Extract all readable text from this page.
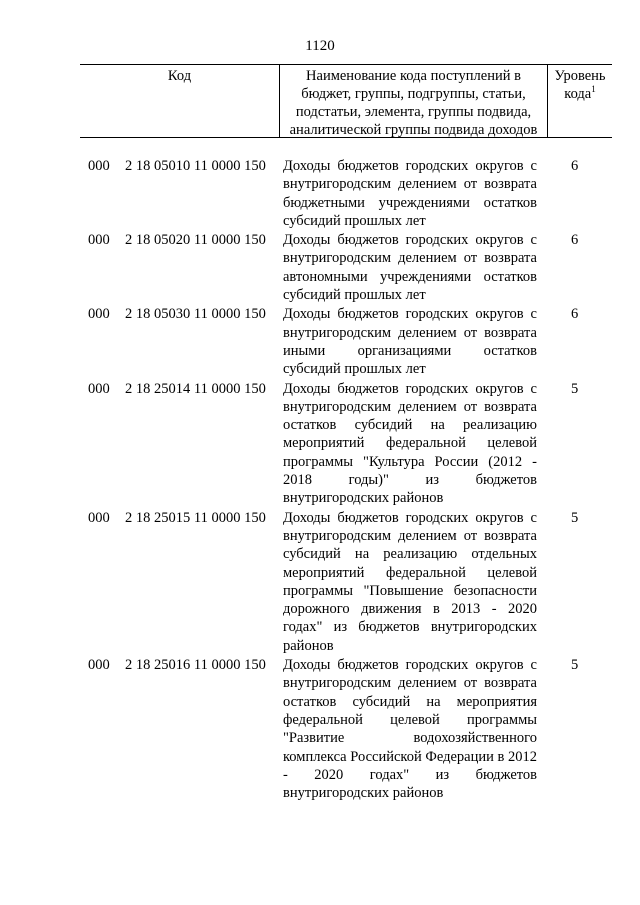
1120
Код	Наименование кода поступлений в бюджет, группы, подгруппы, статьи, подстатьи, элемента, группы подвида, аналитической группы подвида доходов
Уровень кода$^1$
000 2 18 05010 11 0000 150 Доходы бюджетов городских округов с внутригородским делением от возврата бюджетными учреждениями остатков субсидий прошлых лет
6
000 2 18 05020 11 0000 150 Доходы бюджетов городских округов с внутригородским делением от возврата автономными учреждениями остатков субсидий прошлых лет
6
000 2 18 05030 11 0000 150 Доходы бюджетов городских округов с внутригородским делением от возврата иными организациями остатков субсидий прошлых лет
6
000 2 18 25014 11 0000 150 Доходы бюджетов городских округов с внутригородским делением от возврата остатков субсидий на реализацию мероприятий федеральной целевой программы "Культура России (2012 - 2018 годы)" из бюджетов внутригородских районов
5
000 2 18 25015 11 0000 150 Доходы бюджетов городских округов с внутригородским делением от возврата субсидий на реализацию отдельных мероприятий федеральной целевой программы "Повышение безопасности дорожного движения в 2013 - 2020 годах" из бюджетов внутригородских районов
5
000 2 18 25016 11 0000 150 Доходы бюджетов городских округов с внутригородским делением от возврата остатков субсидий на мероприятия федеральной целевой программы "Развитие водохозяйственного комплекса Российской Федерации в 2012 - 2020 годах" из бюджетов внутригородских районов
5
